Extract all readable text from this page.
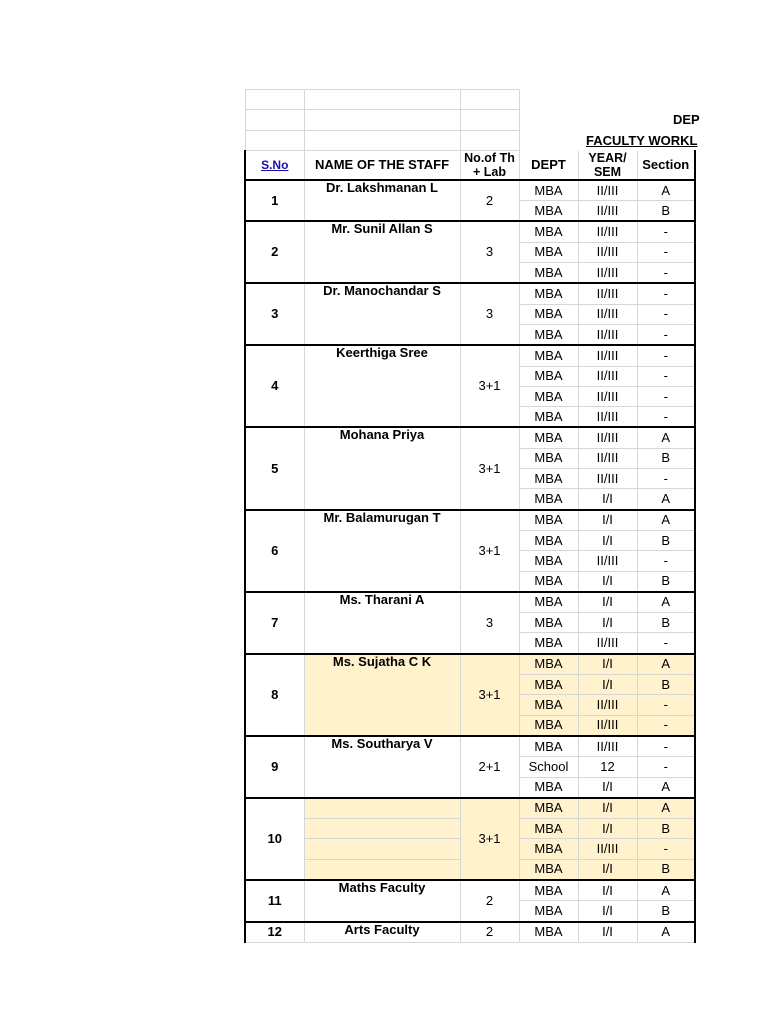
DEP
FACULTY WORKL

S.No	NAME OF THE STAFF	No.of Th + Lab	DEPT	YEAR/ SEM	Section
1	Dr. Lakshmanan L	2	MBA	II/III	A
			MBA	II/III	B
2	Mr. Sunil Allan S	3	MBA	II/III	-
			MBA	II/III	-
			MBA	II/III	-
3	Dr. Manochandar S	3	MBA	II/III	-
			MBA	II/III	-
			MBA	II/III	-
4	Keerthiga Sree	3+1	MBA	II/III	-
			MBA	II/III	-
			MBA	II/III	-
			MBA	II/III	-
5	Mohana Priya	3+1	MBA	II/III	A
			MBA	II/III	B
			MBA	II/III	-
			MBA	I/I	A
6	Mr. Balamurugan T	3+1	MBA	I/I	A
			MBA	I/I	B
			MBA	II/III	-
			MBA	I/I	B
7	Ms. Tharani A	3	MBA	I/I	A
			MBA	I/I	B
			MBA	II/III	-
8	Ms. Sujatha C K	3+1	MBA	I/I	A
			MBA	I/I	B
			MBA	II/III	-
			MBA	II/III	-
9	Ms. Southarya V	2+1	MBA	II/III	-
			School	12	-
			MBA	I/I	A
10		3+1	MBA	I/I	A
			MBA	I/I	B
			MBA	II/III	-
			MBA	I/I	B
11	Maths Faculty	2	MBA	I/I	A
			MBA	I/I	B
12	Arts Faculty	2	MBA	I/I	A
